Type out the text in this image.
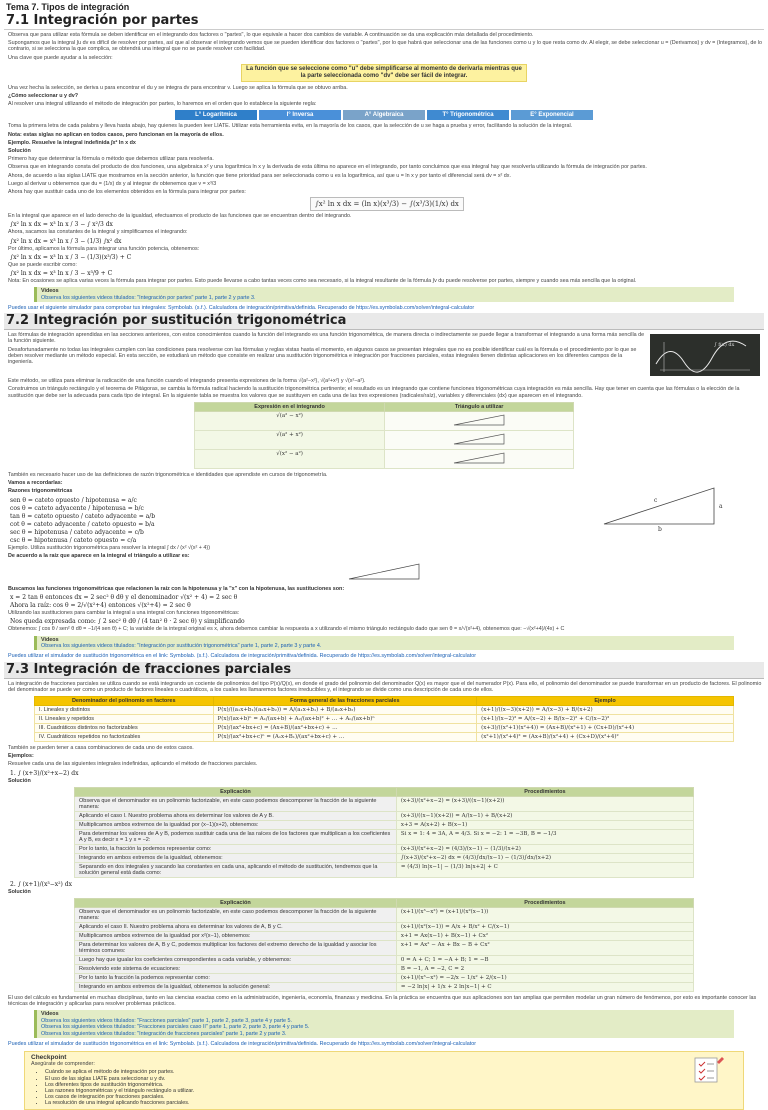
Tema 7. Tipos de integración
7.1 Integración por partes
Observa que para utilizar esta fórmula se deben identificar en el integrando dos factores o "partes", lo que equivale a hacer dos cambios de variable. A continuación se da una explicación más detallada del procedimiento.
Supongamos que la integral ∫u dv es difícil de resolver por partes, así que al observar el integrando vemos que se pueden identificar dos factores o "partes", por lo que habrá que seleccionar una de las funciones como u y lo que resta como dv. Al elegir, se debe seleccionar u = (Derivamos) y dv = (Integramos), de lo contrario, si se selecciona la que complica, se obtendrá una integral que no se puede resolver con facilidad.
Una clave que puede ayudar a la selección:
La función que se seleccione como "u" debe simplificarse al momento de derivarla mientras que la parte seleccionada como "dv" debe ser fácil de integrar.
Una vez hecha la selección, se deriva u para encontrar el du y se integra dv para encontrar v. Luego se aplica la fórmula que se obtuvo arriba.
¿Cómo seleccionar u y dv?
Al resolver una integral utilizando el método de integración por partes, lo haremos en el orden que lo establece la siguiente regla:
L° Logarítmica	I° Inversa	A° Algebraica	T° Trigonométrica	E° Exponencial
Toma la primera letra de cada palabra y lleva hasta abajo, hay quienes la pueden leer LIATE. Utilizar esta herramienta evita, en la mayoría de los casos, que la selección de u se haga a prueba y error, facilitando la solución de la integral.
Nota: estas siglas no aplican en todos casos, pero funcionan en la mayoría de ellos.
Ejemplo. Resuelve la integral indefinida ∫x² ln x dx
Solución
Primero hay que determinar la fórmula o método que debemos utilizar para resolverla.
Observa que en integrando consta del producto de dos funciones, una algebraica x² y una logarítmica ln x y la derivada de esta última no aparece en el integrando, por tanto concluimos que esa integral hay que resolverla utilizando la fórmula de integración por partes.
Ahora, de acuerdo a las siglas LIATE que mostramos en la sección anterior, la función que tiene prioridad para ser seleccionada como u es la logarítmica, así que u = ln x y por tanto el diferencial será dv = x² dx.
Luego al derivar u obtenemos que du = (1/x) dx y al integrar dv obtenemos que v = x³/3
Ahora hay que sustituir cada uno de los elementos obtenidos en la fórmula para integrar por partes:
∫x² ln x dx = (ln x)(x³/3) − ∫(x³/3)(1/x) dx
En la integral que aparece en el lado derecho de la igualdad, efectuamos el producto de las funciones que se encuentran dentro del integrando.
∫x² ln x dx = x³ ln x / 3 − ∫ x²/3 dx
Ahora, sacamos las constantes de la integral y simplificamos el integrando:
∫x² ln x dx = x³ ln x / 3 − (1/3) ∫x² dx
Por último, aplicamos la fórmula para integrar una función potencia, obtenemos:
∫x² ln x dx = x³ ln x / 3 − (1/3)(x³/3) + C
Que se puede escribir como:
∫x² ln x dx = x³ ln x / 3 − x³/9 + C
Nota: En ocasiones se aplica varias veces la fórmula para integrar por partes. Esto puede llevarse a cabo tantas veces como sea necesario, si la integral resultante de la fórmula ∫v du puede resolverse por partes, siempre y cuando sea más sencilla que la original.
Videos
Observa los siguientes videos titulados: "Integración por partes" parte 1, parte 2 y parte 3.
Puedes usar el siguiente simulador para comprobar tus integrales: Symbolab. (s.f.). Calculadora de integración/primitiva/definida. Recuperado de https://es.symbolab.com/solver/integral-calculator
7.2 Integración por sustitución trigonométrica
Las fórmulas de integración aprendidas en las secciones anteriores, con estos conocimientos cuando la función del integrando es una función trigonométrica, de manera directa o indirectamente se puede llegar a transformar el integrando a una forma más sencilla de la función siguiente.
Desafortunadamente no todas las integrales cumplen con las condiciones para resolverse con las fórmulas y reglas vistas hasta el momento, en algunos casos se presentan integrales que no es posible identificar cuál es la fórmula o el procedimiento por lo que se deben resolver mediante un método especial. En esta sección, se estudiará un método que consiste en realizar una sustitución trigonométrica e integración por fracciones parciales, estas integrales tienen distintas aplicaciones en los diferentes campos de la ingeniería.
∫ f(x) dx
Este método, se utiliza para eliminar la radicación de una función cuando el integrando presenta expresiones de la forma √(a²−x²), √(a²+x²) y √(x²−a²).
Construimos un triángulo rectángulo y el teorema de Pitágoras, se cambia la fórmula radical haciendo la sustitución trigonométrica pertinente; el resultado es un integrando que contiene funciones trigonométricas cuya integración es más sencilla. Hay que tener en cuenta que las fórmulas o la elección de la sustitución que debe ser la adecuada para cada tipo de integral. En la siguiente tabla se muestra los valores que se sustituyen en cada una de las tres expresiones (radicales/raíz), variables y diferenciales (dx) que aparecen en el integrando.
Expresión en el integrando	Triángulo a utilizar
√(a² − x²)	
√(a² + x²)	
√(x² − a²)	
También es necesario hacer uso de las definiciones de razón trigonométrica e identidades que aprendiste en cursos de trigonometría.
Vamos a recordarlas:
Razones trigonométricas
sen θ = cateto opuesto / hipotenusa = a/c
cos θ = cateto adyacente / hipotenusa = b/c
tan θ = cateto opuesto / cateto adyacente = a/b
cot θ = cateto adyacente / cateto opuesto = b/a
sec θ = hipotenusa / cateto adyacente = c/b
csc θ = hipotenusa / cateto opuesto = c/a
c
a
b
Ejemplo. Utiliza sustitución trigonométrica para resolver la integral ∫ dx / (x² √(x² + 4))
De acuerdo a la raíz que aparece en la integral el triángulo a utilizar es:
Buscamos las funciones trigonométricas que relacionen la raíz con la hipotenusa y la "x" con la hipotenusa, las sustituciones son:
x = 2 tan θ entonces dx = 2 sec² θ dθ y el denominador √(x² + 4) = 2 sec θ
Ahora la raíz: cos θ = 2/√(x²+4) entonces √(x²+4) = 2 sec θ
Utilizando las sustituciones para cambiar la integral a una integral con funciones trigonométricas:
Nos queda expresada como: ∫ 2 sec² θ dθ / (4 tan² θ · 2 sec θ) y simplificando
Obtenemos: ∫ cos θ / sen² θ dθ = −1/(4 sen θ) + C; la variable de la integral original es x, ahora debemos cambiar la respuesta a x utilizando el mismo triángulo rectángulo dado que sen θ = x/√(x²+4), obtenemos que: −√(x²+4)/(4x) + C
Videos
Observa los siguientes videos titulados: "Integración por sustitución trigonométrica" parte 1, parte 2, parte 3 y parte 4.
Puedes utilizar el simulador de sustitución trigonométrica en el link: Symbolab. (s.f.). Calculadora de integración/primitiva/definida. Recuperado de https://es.symbolab.com/solver/integral-calculator
7.3 Integración de fracciones parciales
La integración de fracciones parciales se utiliza cuando se está integrando un cociente de polinomios del tipo P(x)/Q(x), en donde el grado del polinomio del denominador Q(x) es mayor que el del numerador P(x). Para ello, el polinomio del denominador se puede transformar en un producto de factores. El polinomio del denominador se puede ver como un producto de factores lineales o cuadráticos, a los cuales les llamaremos factores irreducibles y, el integrando se divide como una descripción de cada uno de ellos.
Denominador del polinomio en factores	Forma general de las fracciones parciales	Ejemplo
I. Lineales y distintos	P(x)/((a₁x+b₁)(a₂x+b₂)) = A/(a₁x+b₁) + B/(a₂x+b₂)	(x+1)/((x−3)(x+2)) = A/(x−3) + B/(x+2)
II. Lineales y repetidos	P(x)/(ax+b)ⁿ = A₁/(ax+b) + A₂/(ax+b)² + … + Aₙ/(ax+b)ⁿ	(x+1)/(x−2)³ = A/(x−2) + B/(x−2)² + C/(x−2)³
III. Cuadráticos distintos no factorizables	P(x)/(ax²+bx+c) = (Ax+B)/(ax²+bx+c) + …	(x+3)/((x²+1)(x²+4)) = (Ax+B)/(x²+1) + (Cx+D)/(x²+4)
IV. Cuadráticos repetidos no factorizables	P(x)/(ax²+bx+c)ⁿ = (A₁x+B₁)/(ax²+bx+c) + …	(x²+1)/(x²+4)² = (Ax+B)/(x²+4) + (Cx+D)/(x²+4)²
También se pueden tener a casa combinaciones de cada uno de estos casos.
Ejemplos:
Resuelve cada una de las siguientes integrales indefinidas, aplicando el método de fracciones parciales.
1. ∫ (x+3)/(x²+x−2) dx
Solución
Explicación	Procedimientos
Observa que el denominador es un polinomio factorizable, en este caso podemos descomponer la fracción de la siguiente manera:	(x+3)/(x²+x−2) = (x+3)/((x−1)(x+2))
Aplicando el caso I. Nuestro problema ahora es determinar los valores de A y B.	(x+3)/((x−1)(x+2)) = A/(x−1) + B/(x+2)
Multiplicamos ambos extremos de la igualdad por (x−1)(x+2), obtenemos:	x+3 = A(x+2) + B(x−1)
Para determinar los valores de A y B, podemos sustituir cada una de las raíces de los factores que multiplican a los coeficientes A y B, es decir x = 1 y x = −2:	Si x = 1: 4 = 3A, A = 4/3. Si x = −2: 1 = −3B, B = −1/3
Por lo tanto, la fracción la podemos representar como:	(x+3)/(x²+x−2) = (4/3)/(x−1) − (1/3)/(x+2)
Integrando en ambos extremos de la igualdad, obtenemos:	∫(x+3)/(x²+x−2) dx = (4/3)∫dx/(x−1) − (1/3)∫dx/(x+2)
Separando en dos integrales y sacando las constantes en cada una, aplicando el método de sustitución, tendremos que la solución general está dada como:	= (4/3) ln|x−1| − (1/3) ln|x+2| + C
2. ∫ (x+1)/(x³−x²) dx
Solución
Explicación	Procedimientos
Observa que el denominador es un polinomio factorizable, en este caso podemos descomponer la fracción de la siguiente manera:	(x+1)/(x³−x²) = (x+1)/(x²(x−1))
Aplicando el caso II. Nuestro problema ahora es determinar los valores de A, B y C.	(x+1)/(x²(x−1)) = A/x + B/x² + C/(x−1)
Multiplicamos ambos extremos de la igualdad por x²(x−1), obtenemos:	x+1 = Ax(x−1) + B(x−1) + Cx²
Para determinar los valores de A, B y C, podemos multiplicar los factores del extremo derecho de la igualdad y asociar los términos comunes:	x+1 = Ax² − Ax + Bx − B + Cx²
Luego hay que igualar los coeficientes correspondientes a cada variable, y obtenemos:	0 = A + C; 1 = −A + B; 1 = −B
Resolviendo este sistema de ecuaciones:	B = −1, A = −2, C = 2
Por lo tanto la fracción la podemos representar como:	(x+1)/(x³−x²) = −2/x − 1/x² + 2/(x−1)
Integrando en ambos extremos de la igualdad, obtenemos la solución general:	= −2 ln|x| + 1/x + 2 ln|x−1| + C
El uso del cálculo es fundamental en muchas disciplinas, tanto en las ciencias exactas como en la administración, ingeniería, economía, finanzas y medicina. En la práctica se encuentra que sus aplicaciones son tan amplias que permiten modelar un gran número de fenómenos, por esto es importante conocer las técnicas de integración y aplicarlas para resolver problemas prácticos.
Videos
Observa los siguientes videos titulados: "Fracciones parciales" parte 1, parte 2, parte 3, parte 4 y parte 5.
Observa los siguientes videos titulados: "Fracciones parciales caso II" parte 1, parte 2, parte 3, parte 4 y parte 5.
Observa los siguientes videos titulados: "Integración de fracciones parciales" parte 1, parte 2 y parte 3.
Puedes utilizar el simulador de sustitución trigonométrica en el link: Symbolab. (s.f.). Calculadora de integración/primitiva/definida. Recuperado de https://es.symbolab.com/solver/integral-calculator
Checkpoint
Asegúrate de comprender:
• Cuándo se aplica el método de integración por partes.
• El uso de las siglas LIATE para seleccionar u y dv.
• Los diferentes tipos de sustitución trigonométrica.
• Las razones trigonométricas y el triángulo rectángulo a utilizar.
• Los casos de integración por fracciones parciales.
• La resolución de una integral aplicando fracciones parciales.
